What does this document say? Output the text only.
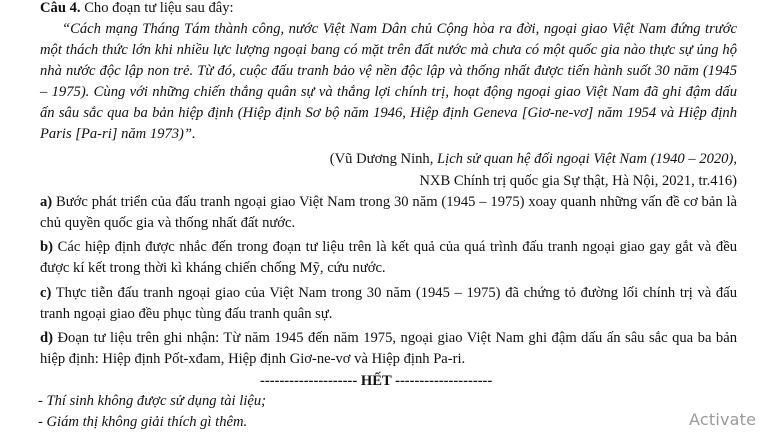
Câu 4. Cho đoạn tư liệu sau đây:
“Cách mạng Tháng Tám thành công, nước Việt Nam Dân chủ Cộng hòa ra đời, ngoại giao Việt Nam đứng trước
một thách thức lớn khi nhiều lực lượng ngoại bang có mặt trên đất nước mà chưa có một quốc gia nào thực sự ủng hộ
nhà nước độc lập non trẻ. Từ đó, cuộc đấu tranh bảo vệ nền độc lập và thống nhất được tiến hành suốt 30 năm (1945
– 1975). Cùng với những chiến thắng quân sự và thắng lợi chính trị, hoạt động ngoại giao Việt Nam đã ghi đậm dấu
ấn sâu sắc qua ba bản hiệp định (Hiệp định Sơ bộ năm 1946, Hiệp định Geneva [Giơ-ne-vơ] năm 1954 và Hiệp định
Paris [Pa-ri] năm 1973)”.
(Vũ Dương Ninh, Lịch sử quan hệ đối ngoại Việt Nam (1940 – 2020),
NXB Chính trị quốc gia Sự thật, Hà Nội, 2021, tr.416)
a) Bước phát triển của đấu tranh ngoại giao Việt Nam trong 30 năm (1945 – 1975) xoay quanh những vấn đề cơ bản là
chủ quyền quốc gia và thống nhất đất nước.
b) Các hiệp định được nhắc đến trong đoạn tư liệu trên là kết quả của quá trình đấu tranh ngoại giao gay gắt và đều
được kí kết trong thời kì kháng chiến chống Mỹ, cứu nước.
c) Thực tiễn đấu tranh ngoại giao của Việt Nam trong 30 năm (1945 – 1975) đã chứng tỏ đường lối chính trị và đấu
tranh ngoại giao đều phục tùng đấu tranh quân sự.
d) Đoạn tư liệu trên ghi nhận: Từ năm 1945 đến năm 1975, ngoại giao Việt Nam ghi đậm dấu ấn sâu sắc qua ba bản
hiệp định: Hiệp định Pốt-xđam, Hiệp định Giơ-ne-vơ và Hiệp định Pa-ri.
-------------------- HẾT --------------------
- Thí sinh không được sử dụng tài liệu;
- Giám thị không giải thích gì thêm.	Activate
